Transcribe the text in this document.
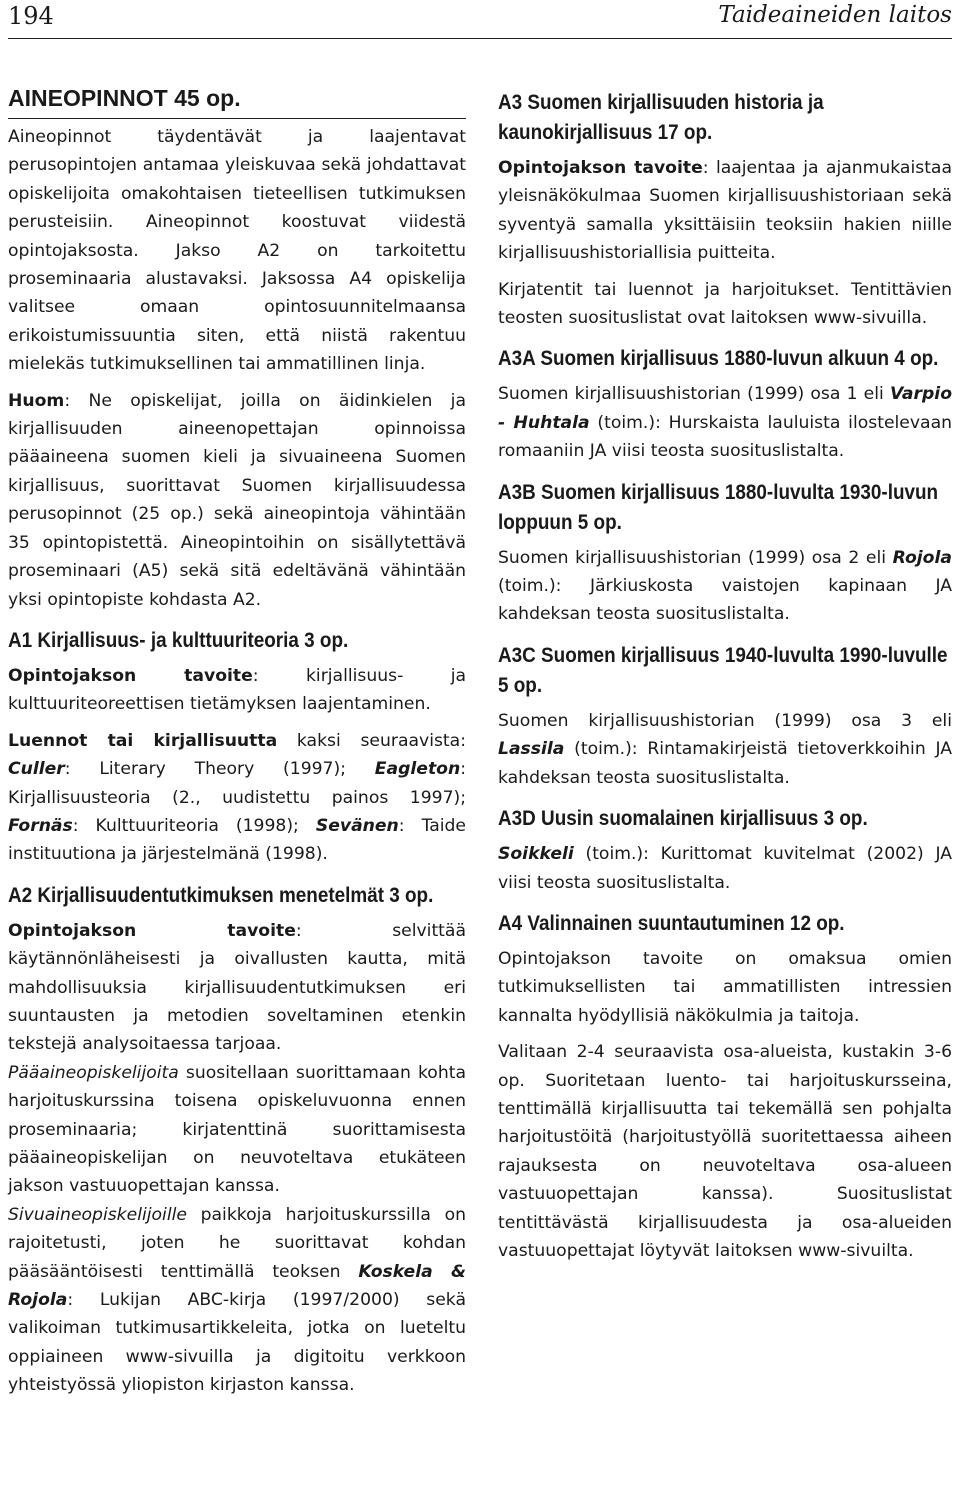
194	Taideaineiden laitos
AINEOPINNOT 45 op.

Aineopinnot täydentävät ja laajentavat perusopintojen antamaa yleiskuvaa sekä johdattavat opiskelijoita omakohtaisen tieteellisen tutkimuksen perusteisiin. Aineopinnot koostuvat viidestä opintojaksosta. Jakso A2 on tarkoitettu proseminaaria alustavaksi. Jaksossa A4 opiskelija valitsee omaan opintosuunnitelmaansa erikoistumissuuntia siten, että niistä rakentuu mielekäs tutkimuksellinen tai ammatillinen linja.

Huom: Ne opiskelijat, joilla on äidinkielen ja kirjallisuuden aineenopettajan opinnoissa pääaineena suomen kieli ja sivuaineena Suomen kirjallisuus, suorittavat Suomen kirjallisuudessa perusopinnot (25 op.) sekä aineopintoja vähintään 35 opintopistettä. Aineopintoihin on sisällytettävä proseminaari (A5) sekä sitä edeltävänä vähintään yksi opintopiste kohdasta A2.

A1 Kirjallisuus- ja kulttuuriteoria 3 op.

Opintojakson tavoite: kirjallisuus- ja kulttuuriteoreettisen tietämyksen laajentaminen.

Luennot tai kirjallisuutta kaksi seuraavista: Culler: Literary Theory (1997); Eagleton: Kirjallisuusteoria (2., uudistettu painos 1997); Fornäs: Kulttuuriteoria (1998); Sevänen: Taide instituutiona ja järjestelmänä (1998).

A2 Kirjallisuudentutkimuksen menetelmät 3 op.

Opintojakson tavoite: selvittää käytännönläheisesti ja oivallusten kautta, mitä mahdollisuuksia kirjallisuudentutkimuksen eri suuntausten ja metodien soveltaminen etenkin tekstejä analysoitaessa tarjoaa.

Pääaineopiskelijoita suositellaan suorittamaan kohta harjoituskurssina toisena opiskeluvuonna ennen proseminaaria; kirjatenttinä suorittamisesta pääaineopiskelijan on neuvoteltava etukäteen jakson vastuuopettajan kanssa.

Sivuaineopiskelijoille paikkoja harjoituskurssilla on rajoitetusti, joten he suorittavat kohdan pääsääntöisesti tenttimällä teoksen Koskela & Rojola: Lukijan ABC-kirja (1997/2000) sekä valikoiman tutkimusartikkeleita, jotka on lueteltu oppiaineen www-sivuilla ja digitoitu verkkoon yhteistyössä yliopiston kirjaston kanssa.

A3 Suomen kirjallisuuden historia ja kaunokirjallisuus 17 op.

Opintojakson tavoite: laajentaa ja ajanmukaistaa yleisnäkökulmaa Suomen kirjallisuushistoriaan sekä syventyä samalla yksittäisiin teoksiin hakien niille kirjallisuushistoriallisia puitteita.

Kirjatentit tai luennot ja harjoitukset. Tentittävien teosten suosituslistat ovat laitoksen www-sivuilla.

A3A Suomen kirjallisuus 1880-luvun alkuun 4 op.

Suomen kirjallisuushistorian (1999) osa 1 eli Varpio - Huhtala (toim.): Hurskaista lauluista ilostelevaan romaaniin JA viisi teosta suosituslistalta.

A3B Suomen kirjallisuus 1880-luvulta 1930-luvun loppuun 5 op.

Suomen kirjallisuushistorian (1999) osa 2 eli Rojola (toim.): Järkiuskosta vaistojen kapinaan JA kahdeksan teosta suosituslistalta.

A3C Suomen kirjallisuus 1940-luvulta 1990-luvulle 5 op.

Suomen kirjallisuushistorian (1999) osa 3 eli Lassila (toim.): Rintamakirjeistä tietoverkkoihin JA kahdeksan teosta suosituslistalta.

A3D Uusin suomalainen kirjallisuus 3 op.

Soikkeli (toim.): Kurittomat kuvitelmat (2002) JA viisi teosta suosituslistalta.

A4 Valinnainen suuntautuminen 12 op.

Opintojakson tavoite on omaksua omien tutkimuksellisten tai ammatillisten intressien kannalta hyödyllisiä näkökulmia ja taitoja.

Valitaan 2-4 seuraavista osa-alueista, kustakin 3-6 op. Suoritetaan luento- tai harjoituskursseina, tenttimällä kirjallisuutta tai tekemällä sen pohjalta harjoitustöitä (harjoitustyöllä suoritettaessa aiheen rajauksesta on neuvoteltava osa-alueen vastuuopettajan kanssa). Suosituslistat tentittävästä kirjallisuudesta ja osa-alueiden vastuuopettajat löytyvät laitoksen www-sivuilta.
